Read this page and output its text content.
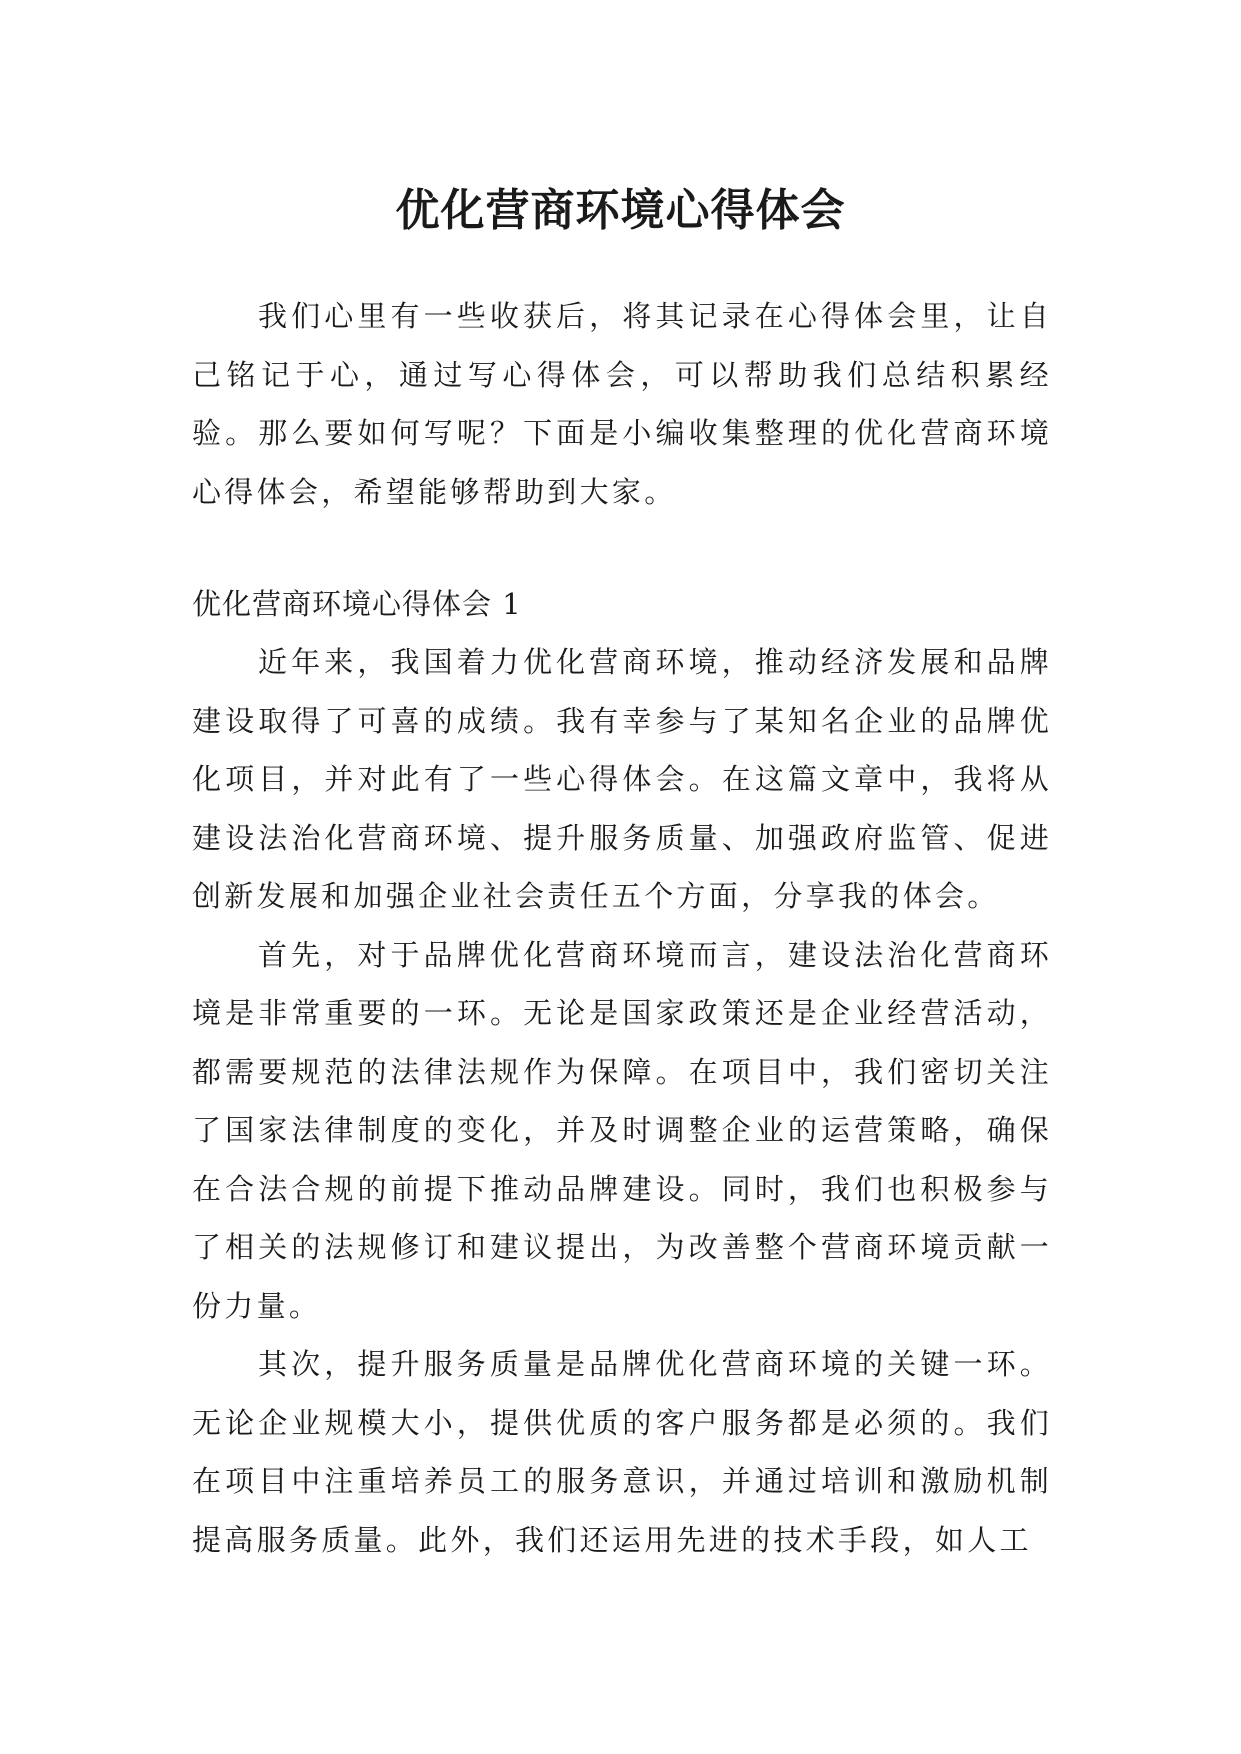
优化营商环境心得体会

我们心里有一些收获后，将其记录在心得体会里，让自己铭记于心，通过写心得体会，可以帮助我们总结积累经验。那么要如何写呢？下面是小编收集整理的优化营商环境心得体会，希望能够帮助到大家。

优化营商环境心得体会 1

近年来，我国着力优化营商环境，推动经济发展和品牌建设取得了可喜的成绩。我有幸参与了某知名企业的品牌优化项目，并对此有了一些心得体会。在这篇文章中，我将从建设法治化营商环境、提升服务质量、加强政府监管、促进创新发展和加强企业社会责任五个方面，分享我的体会。

首先，对于品牌优化营商环境而言，建设法治化营商环境是非常重要的一环。无论是国家政策还是企业经营活动，都需要规范的法律法规作为保障。在项目中，我们密切关注了国家法律制度的变化，并及时调整企业的运营策略，确保在合法合规的前提下推动品牌建设。同时，我们也积极参与了相关的法规修订和建议提出，为改善整个营商环境贡献一份力量。

其次，提升服务质量是品牌优化营商环境的关键一环。无论企业规模大小，提供优质的客户服务都是必须的。我们在项目中注重培养员工的服务意识，并通过培训和激励机制提高服务质量。此外，我们还运用先进的技术手段，如人工
